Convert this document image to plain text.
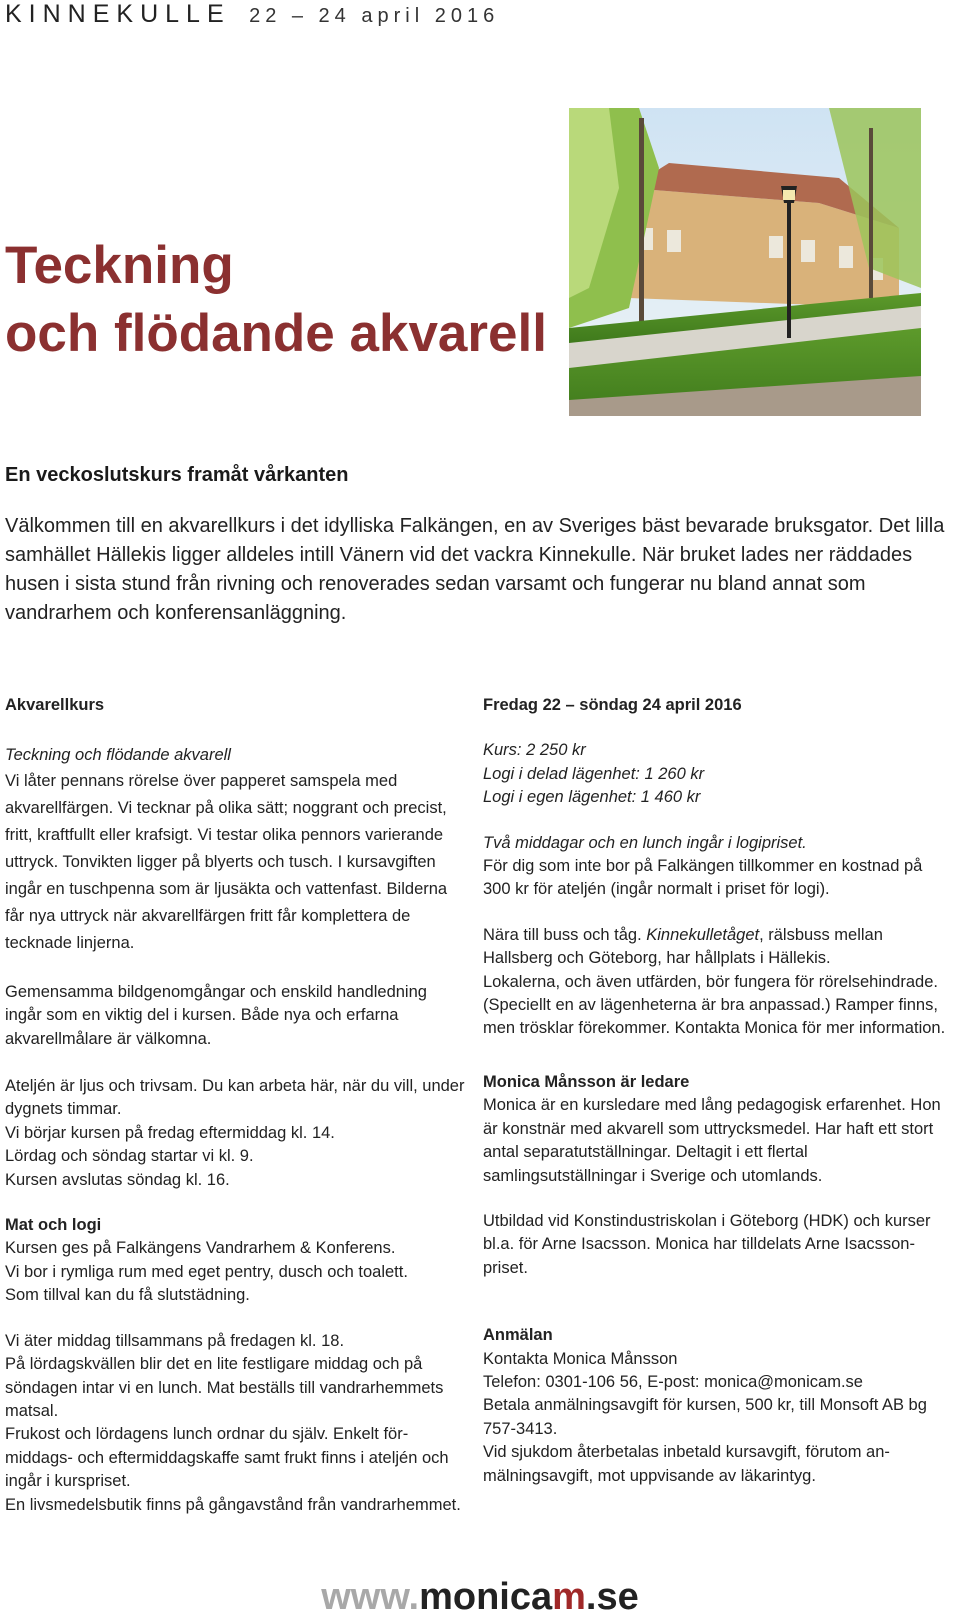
KINNEKULLE 22 – 24 april 2016
Teckning
och flödande akvarell
En veckoslutskurs framåt vårkanten
Välkommen till en akvarellkurs i det idylliska Falkängen, en av Sveriges bäst bevarade bruksgator. Det lilla samhället Hällekis ligger alldeles intill Vänern vid det vackra Kinnekulle. När bruket lades ner räddades husen i sista stund från rivning och renoverades sedan varsamt och fungerar nu bland annat som vandrarhem och konferensanläggning.

Akvarellkurs

Teckning och flödande akvarell

Vi låter pennans rörelse över papperet samspela med akvarellfärgen. Vi tecknar på olika sätt; noggrant och precist, fritt, kraftfullt eller krafsigt. Vi testar olika pennors varierande uttryck. Tonvikten ligger på blyerts och tusch. I kursavgiften ingår en tuschpenna som är ljusäkta och vattenfast. Bilderna får nya uttryck när akvarellfärgen fritt får komplettera de tecknade linjerna.

Gemensamma bildgenomgångar och enskild handledning ingår som en viktig del i kursen. Både nya och erfarna akvarellmålare är välkomna.

Ateljén är ljus och trivsam. Du kan arbeta här, när du vill, under dygnets timmar.

Vi börjar kursen på fredag eftermiddag kl. 14.

Lördag och söndag startar vi kl. 9.

Kursen avslutas söndag kl. 16.

Mat och logi

Kursen ges på Falkängens Vandrarhem & Konferens.

Vi bor i rymliga rum med eget pentry, dusch och toalett.

Som tillval kan du få slutstädning.

Vi äter middag tillsammans på fredagen kl. 18.

På lördagskvällen blir det en lite festligare middag och på söndagen intar vi en lunch. Mat beställs till vandrarhemmets matsal.

Frukost och lördagens lunch ordnar du själv. Enkelt förmiddags- och eftermiddagskaffe samt frukt finns i ateljén och ingår i kurspriset.

En livsmedelsbutik finns på gångavstånd från vandrarhemmet.

Fredag 22 – söndag 24 april 2016

Kurs: 2 250 kr

Logi i delad lägenhet: 1 260 kr

Logi i egen lägenhet: 1 460 kr

Två middagar och en lunch ingår i logipriset.

För dig som inte bor på Falkängen tillkommer en kostnad på 300 kr för ateljén (ingår normalt i priset för logi).

Nära till buss och tåg. Kinnekulletåget, rälsbuss mellan Hallsberg och Göteborg, har hållplats i Hällekis.

Lokalerna, och även utfärden, bör fungera för rörelsehindrade. (Speciellt en av lägenheterna är bra anpassad.) Ramper finns, men trösklar förekommer. Kontakta Monica för mer information.

Monica Månsson är ledare

Monica är en kursledare med lång pedagogisk erfarenhet. Hon är konstnär med akvarell som uttrycksmedel. Har haft ett stort antal separatutställningar. Deltagit i ett flertal samlingsutställningar i Sverige och utomlands.

Utbildad vid Konstindustriskolan i Göteborg (HDK) och kurser bl.a. för Arne Isacsson. Monica har tilldelats Arne Isacsson-priset.

Anmälan

Kontakta Monica Månsson

Telefon: 0301-106 56, E-post: monica@monicam.se

Betala anmälningsavgift för kursen, 500 kr, till Monsoft AB bg 757-3413.

Vid sjukdom återbetalas inbetald kursavgift, förutom anmälningsavgift, mot uppvisande av läkarintyg.

www.monicam.se
